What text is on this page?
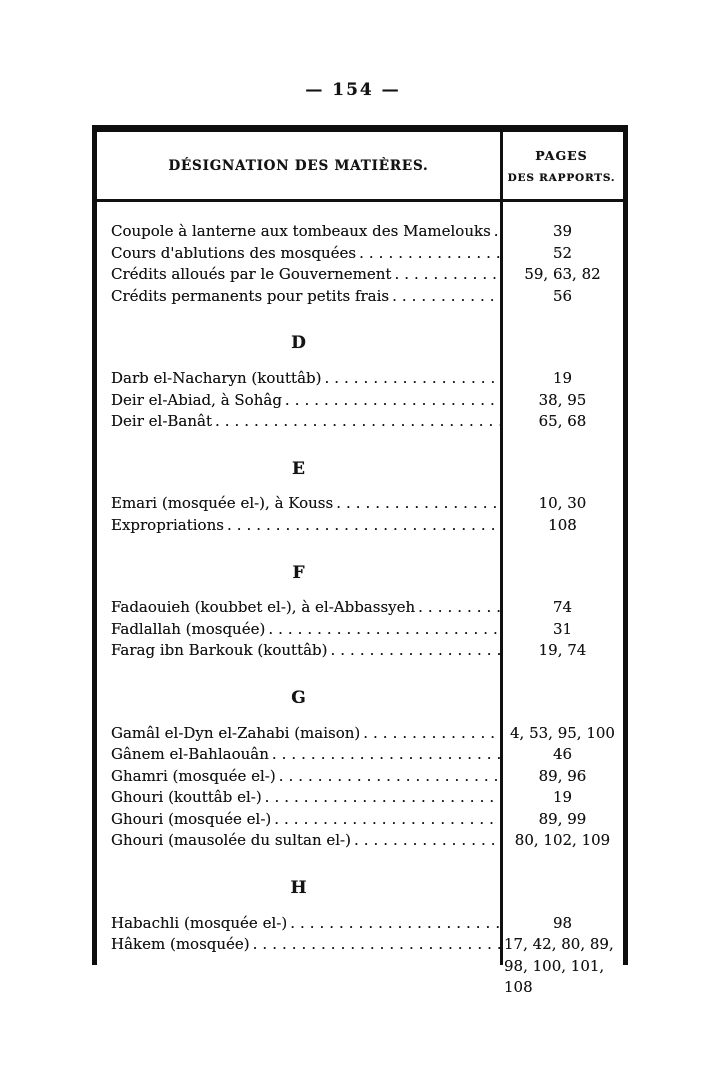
— 154 —
DÉSIGNATION DES MATIÈRES.
PAGES
DES RAPPORTS.
Coupole à lanterne aux tombeaux des Mamelouks .....	39
Cours d'ablutions des mosquées .....	52
Crédits alloués par le Gouvernement .....	59, 63, 82
Crédits permanents pour petits frais .....	56
D
Darb el-Nacharyn (kouttâb) .....	19
Deir el-Abiad, à Sohâg .....	38, 95
Deir el-Banât .....	65, 68
E
Emari (mosquée el-), à Kouss .....	10, 30
Expropriations .....	108
F
Fadaouieh (koubbet el-), à el-Abbassyeh .....	74
Fadlallah (mosquée) .....	31
Farag ibn Barkouk (kouttâb) .....	19, 74
G
Gamâl el-Dyn el-Zahabi (maison) .....	4, 53, 95, 100
Gânem el-Bahlaouân .....	46
Ghamri (mosquée el-) .....	89, 96
Ghouri (kouttâb el-) .....	19
Ghouri (mosquée el-) .....	89, 99
Ghouri (mausolée du sultan el-) .....	80, 102, 109
H
Habachli (mosquée el-) .....	98
Hâkem (mosquée) .....	17, 42, 80, 89, 98, 100, 101, 108
